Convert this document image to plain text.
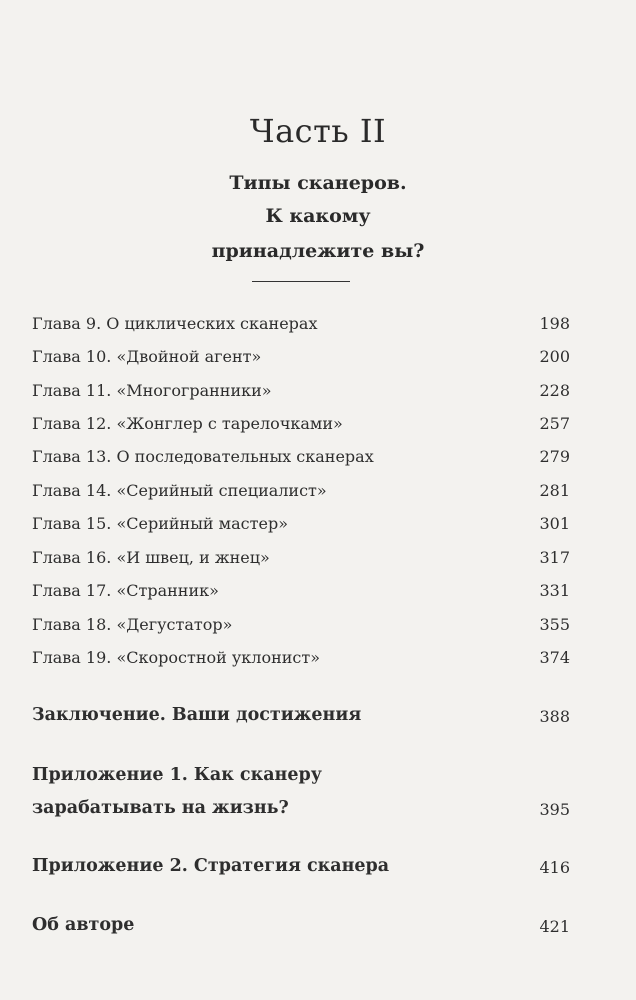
Часть II
Типы сканеров.
К какому
принадлежите вы?
Глава 9. О циклических сканерах	198
Глава 10. «Двойной агент»	200
Глава 11. «Многогранники»	228
Глава 12. «Жонглер с тарелочками»	257
Глава 13. О последовательных сканерах	279
Глава 14. «Серийный специалист»	281
Глава 15. «Серийный мастер»	301
Глава 16. «И швец, и жнец»	317
Глава 17. «Странник»	331
Глава 18. «Дегустатор»	355
Глава 19. «Скоростной уклонист»	374
Заключение. Ваши достижения	388
Приложение 1. Как сканеру
зарабатывать на жизнь?	395
Приложение 2. Стратегия сканера	416
Об авторе	421
